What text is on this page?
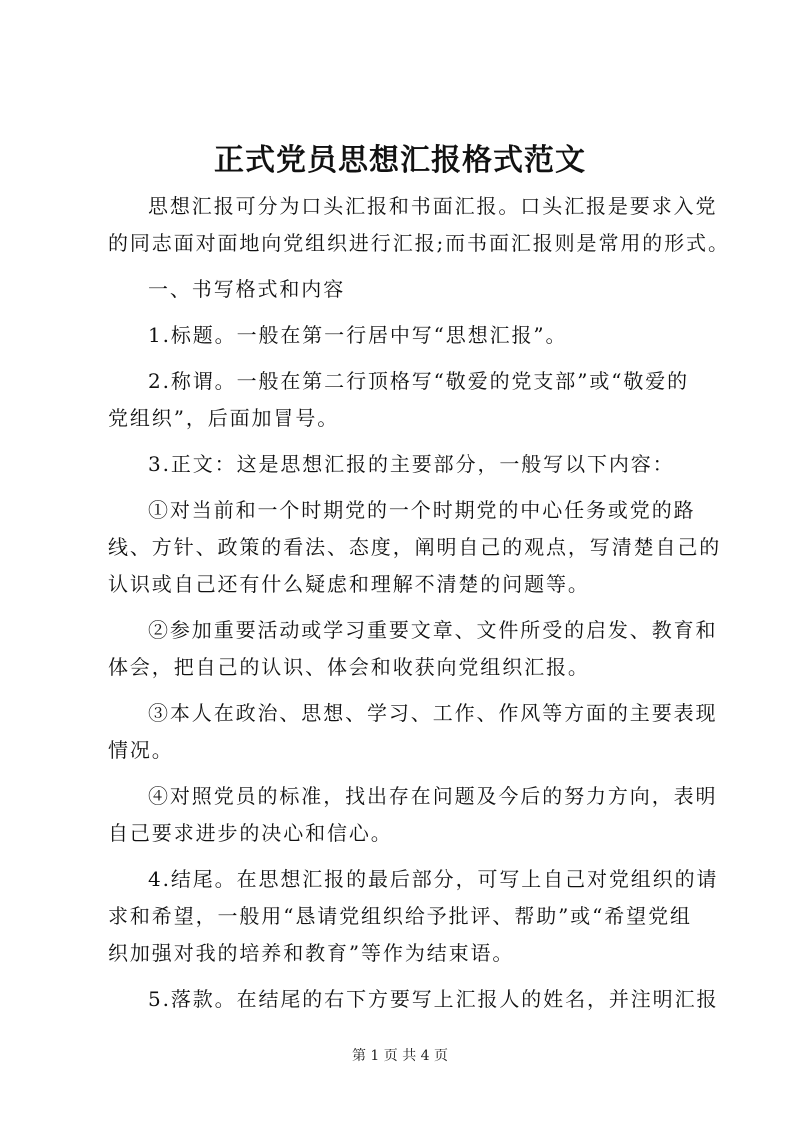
正式党员思想汇报格式范文

思想汇报可分为口头汇报和书面汇报。口头汇报是要求入党
的同志面对面地向党组织进行汇报;而书面汇报则是常用的形式。

一、书写格式和内容

1.标题。一般在第一行居中写“思想汇报”。

2.称谓。一般在第二行顶格写“敬爱的党支部”或“敬爱的
党组织”，后面加冒号。

3.正文：这是思想汇报的主要部分，一般写以下内容：

①对当前和一个时期党的一个时期党的中心任务或党的路
线、方针、政策的看法、态度，阐明自己的观点，写清楚自己的
认识或自己还有什么疑虑和理解不清楚的问题等。

②参加重要活动或学习重要文章、文件所受的启发、教育和
体会，把自己的认识、体会和收获向党组织汇报。

③本人在政治、思想、学习、工作、作风等方面的主要表现
情况。

④对照党员的标准，找出存在问题及今后的努力方向，表明
自己要求进步的决心和信心。

4.结尾。在思想汇报的最后部分，可写上自己对党组织的请
求和希望，一般用“恳请党组织给予批评、帮助”或“希望党组
织加强对我的培养和教育”等作为结束语。

5.落款。在结尾的右下方要写上汇报人的姓名，并注明汇报

第 1 页 共 4 页
